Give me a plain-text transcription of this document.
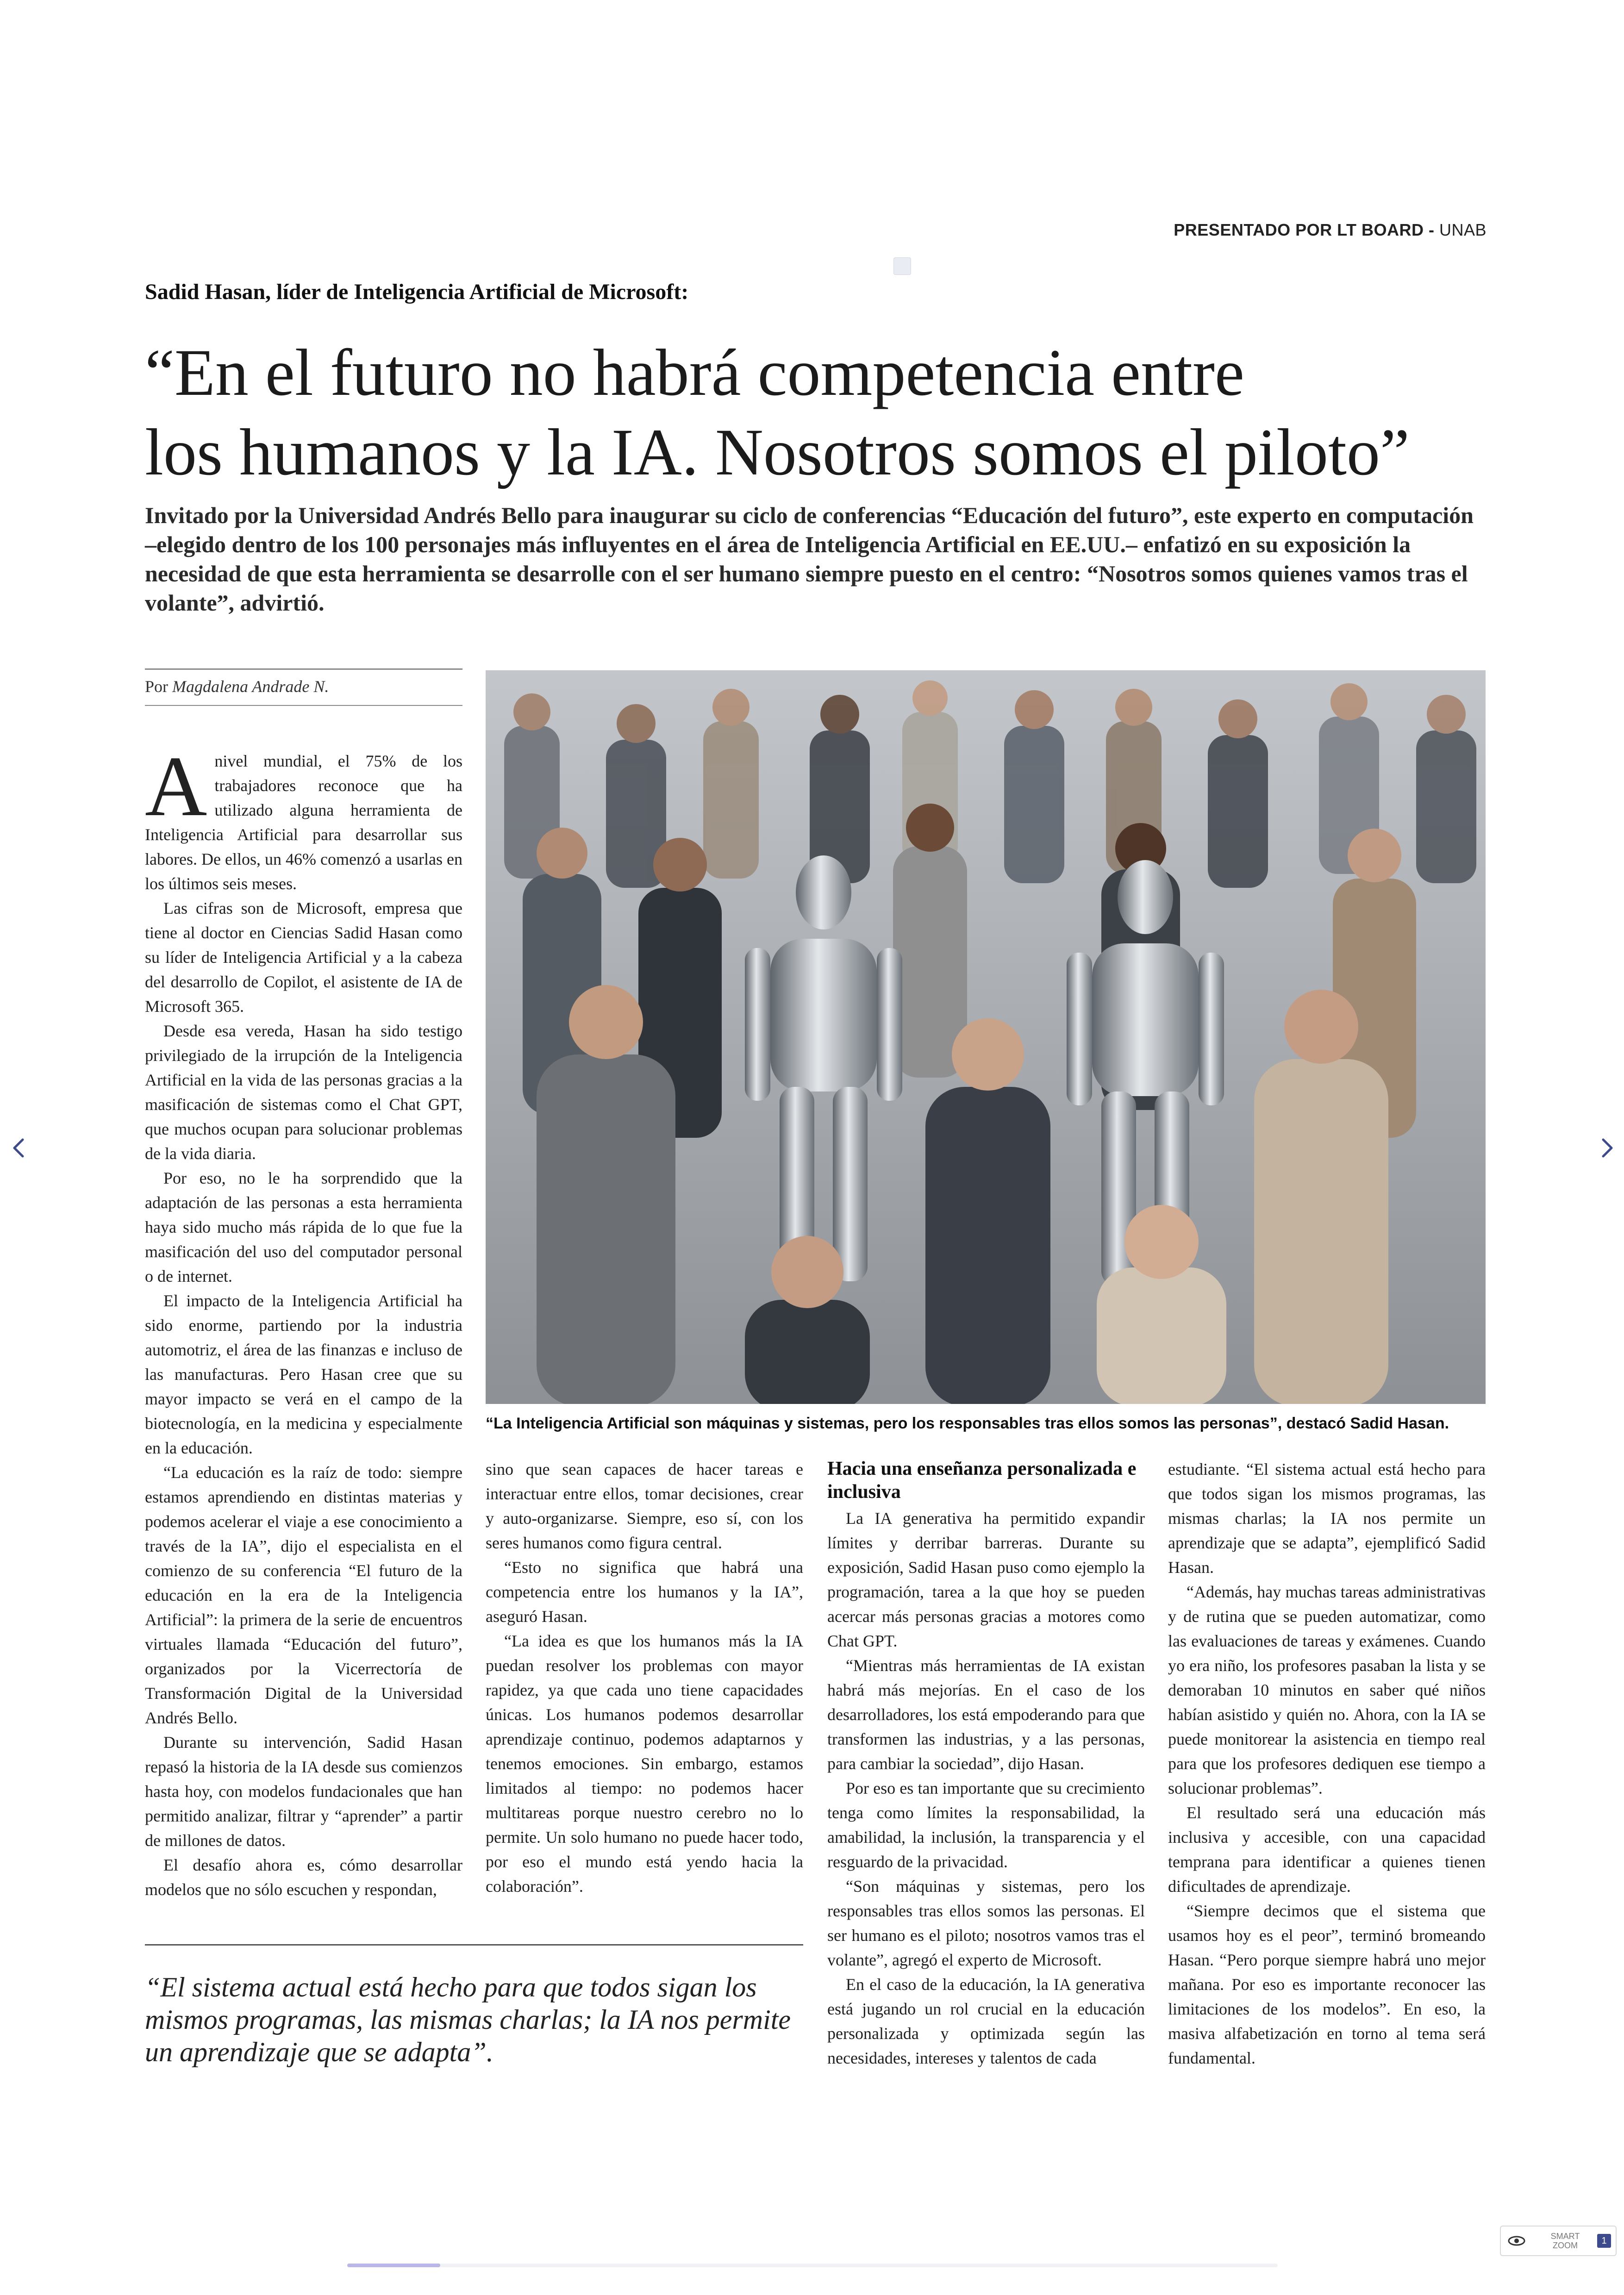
PRESENTADO POR LT BOARD - UNAB
Sadid Hasan, líder de Inteligencia Artificial de Microsoft:
“En el futuro no habrá competencia entre
los humanos y la IA. Nosotros somos el piloto”
Invitado por la Universidad Andrés Bello para inaugurar su ciclo de conferencias “Educación del futuro”, este experto en computación –elegido dentro de los 100 personajes más influyentes en el área de Inteligencia Artificial en EE.UU.– enfatizó en su exposición la necesidad de que esta herramienta se desarrolle con el ser humano siempre puesto en el centro: “Nosotros somos quienes vamos tras el volante”, advirtió.
Por Magdalena Andrade N.

A nivel mundial, el 75% de los trabajadores reconoce que ha utilizado alguna herramienta de Inteligencia Artificial para desarrollar sus labores. De ellos, un 46% comenzó a usarlas en los últimos seis meses.

Las cifras son de Microsoft, empresa que tiene al doctor en Ciencias Sadid Hasan como su líder de Inteligencia Artificial y a la cabeza del desarrollo de Copilot, el asistente de IA de Microsoft 365.

Desde esa vereda, Hasan ha sido testigo privilegiado de la irrupción de la Inteligencia Artificial en la vida de las personas gracias a la masificación de sistemas como el Chat GPT, que muchos ocupan para solucionar problemas de la vida diaria.

Por eso, no le ha sorprendido que la adaptación de las personas a esta herramienta haya sido mucho más rápida de lo que fue la masificación del uso del computador personal o de internet.

El impacto de la Inteligencia Artificial ha sido enorme, partiendo por la industria automotriz, el área de las finanzas e incluso de las manufacturas. Pero Hasan cree que su mayor impacto se verá en el campo de la biotecnología, en la medicina y especialmente en la educación.

“La educación es la raíz de todo: siempre estamos aprendiendo en distintas materias y podemos acelerar el viaje a ese conocimiento a través de la IA”, dijo el especialista en el comienzo de su conferencia “El futuro de la educación en la era de la Inteligencia Artificial”: la primera de la serie de encuentros virtuales llamada “Educación del futuro”, organizados por la Vicerrectoría de Transformación Digital de la Universidad Andrés Bello.

Durante su intervención, Sadid Hasan repasó la historia de la IA desde sus comienzos hasta hoy, con modelos fundacionales que han permitido analizar, filtrar y “aprender” a partir de millones de datos.

El desafío ahora es, cómo desarrollar modelos que no sólo escuchen y respondan,

“La Inteligencia Artificial son máquinas y sistemas, pero los responsables tras ellos somos las personas”, destacó Sadid Hasan.

sino que sean capaces de hacer tareas e interactuar entre ellos, tomar decisiones, crear y auto-organizarse. Siempre, eso sí, con los seres humanos como figura central.

“Esto no significa que habrá una competencia entre los humanos y la IA”, aseguró Hasan.

“La idea es que los humanos más la IA puedan resolver los problemas con mayor rapidez, ya que cada uno tiene capacidades únicas. Los humanos podemos desarrollar aprendizaje continuo, podemos adaptarnos y tenemos emociones. Sin embargo, estamos limitados al tiempo: no podemos hacer multitareas porque nuestro cerebro no lo permite. Un solo humano no puede hacer todo, por eso el mundo está yendo hacia la colaboración”.

Hacia una enseñanza personalizada e inclusiva

La IA generativa ha permitido expandir límites y derribar barreras. Durante su exposición, Sadid Hasan puso como ejemplo la programación, tarea a la que hoy se pueden acercar más personas gracias a motores como Chat GPT.

“Mientras más herramientas de IA existan habrá más mejorías. En el caso de los desarrolladores, los está empoderando para que transformen las industrias, y a las personas, para cambiar la sociedad”, dijo Hasan.

Por eso es tan importante que su crecimiento tenga como límites la responsabilidad, la amabilidad, la inclusión, la transparencia y el resguardo de la privacidad.

“Son máquinas y sistemas, pero los responsables tras ellos somos las personas. El ser humano es el piloto; nosotros vamos tras el volante”, agregó el experto de Microsoft.

En el caso de la educación, la IA generativa está jugando un rol crucial en la educación personalizada y optimizada según las necesidades, intereses y talentos de cada

estudiante. “El sistema actual está hecho para que todos sigan los mismos programas, las mismas charlas; la IA nos permite un aprendizaje que se adapta”, ejemplificó Sadid Hasan.

“Además, hay muchas tareas administrativas y de rutina que se pueden automatizar, como las evaluaciones de tareas y exámenes. Cuando yo era niño, los profesores pasaban la lista y se demoraban 10 minutos en saber qué niños habían asistido y quién no. Ahora, con la IA se puede monitorear la asistencia en tiempo real para que los profesores dediquen ese tiempo a solucionar problemas”.

El resultado será una educación más inclusiva y accesible, con una capacidad temprana para identificar a quienes tienen dificultades de aprendizaje.

“Siempre decimos que el sistema que usamos hoy es el peor”, terminó bromeando Hasan. “Pero porque siempre habrá uno mejor mañana. Por eso es importante reconocer las limitaciones de los modelos”. En eso, la masiva alfabetización en torno al tema será fundamental.

“El sistema actual está hecho para que todos sigan los mismos programas, las mismas charlas; la IA nos permite un aprendizaje que se adapta”.
SMART
ZOOM	1
